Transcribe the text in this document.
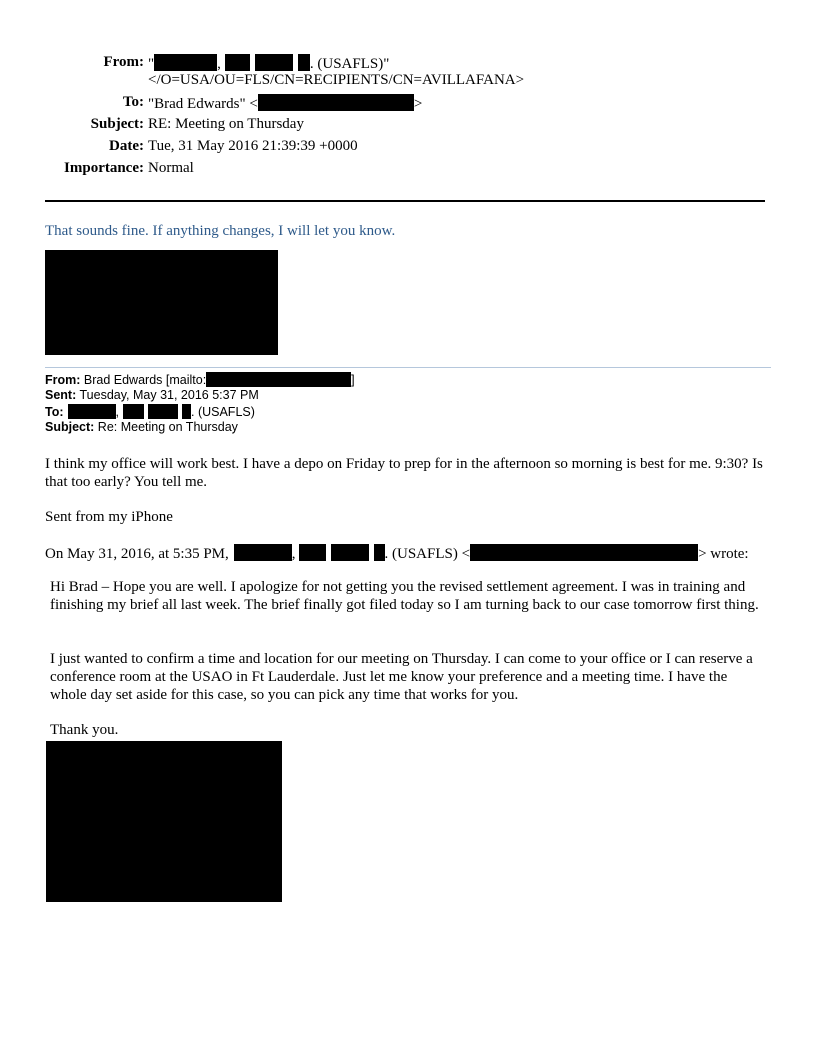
From: "	,	. (USAFLS)"
</O=USA/OU=FLS/CN=RECIPIENTS/CN=AVILLAFANA>
To: "Brad Edwards" <	>
Subject: RE: Meeting on Thursday
Date: Tue, 31 May 2016 21:39:39 +0000
Importance: Normal
That sounds fine. If anything changes, I will let you know.
From: Brad Edwards [mailto:	]
Sent: Tuesday, May 31, 2016 5:37 PM
To:	,	. (USAFLS)
Subject: Re: Meeting on Thursday
I think my office will work best. I have a depo on Friday to prep for in the afternoon so morning is best for me. 9:30? Is that too early? You tell me.
Sent from my iPhone
On May 31, 2016, at 5:35 PM,	,	. (USAFLS) <	> wrote:
Hi Brad – Hope you are well. I apologize for not getting you the revised settlement agreement. I was in training and finishing my brief all last week. The brief finally got filed today so I am turning back to our case tomorrow first thing.
I just wanted to confirm a time and location for our meeting on Thursday. I can come to your office or I can reserve a conference room at the USAO in Ft Lauderdale. Just let me know your preference and a meeting time. I have the whole day set aside for this case, so you can pick any time that works for you.
Thank you.
